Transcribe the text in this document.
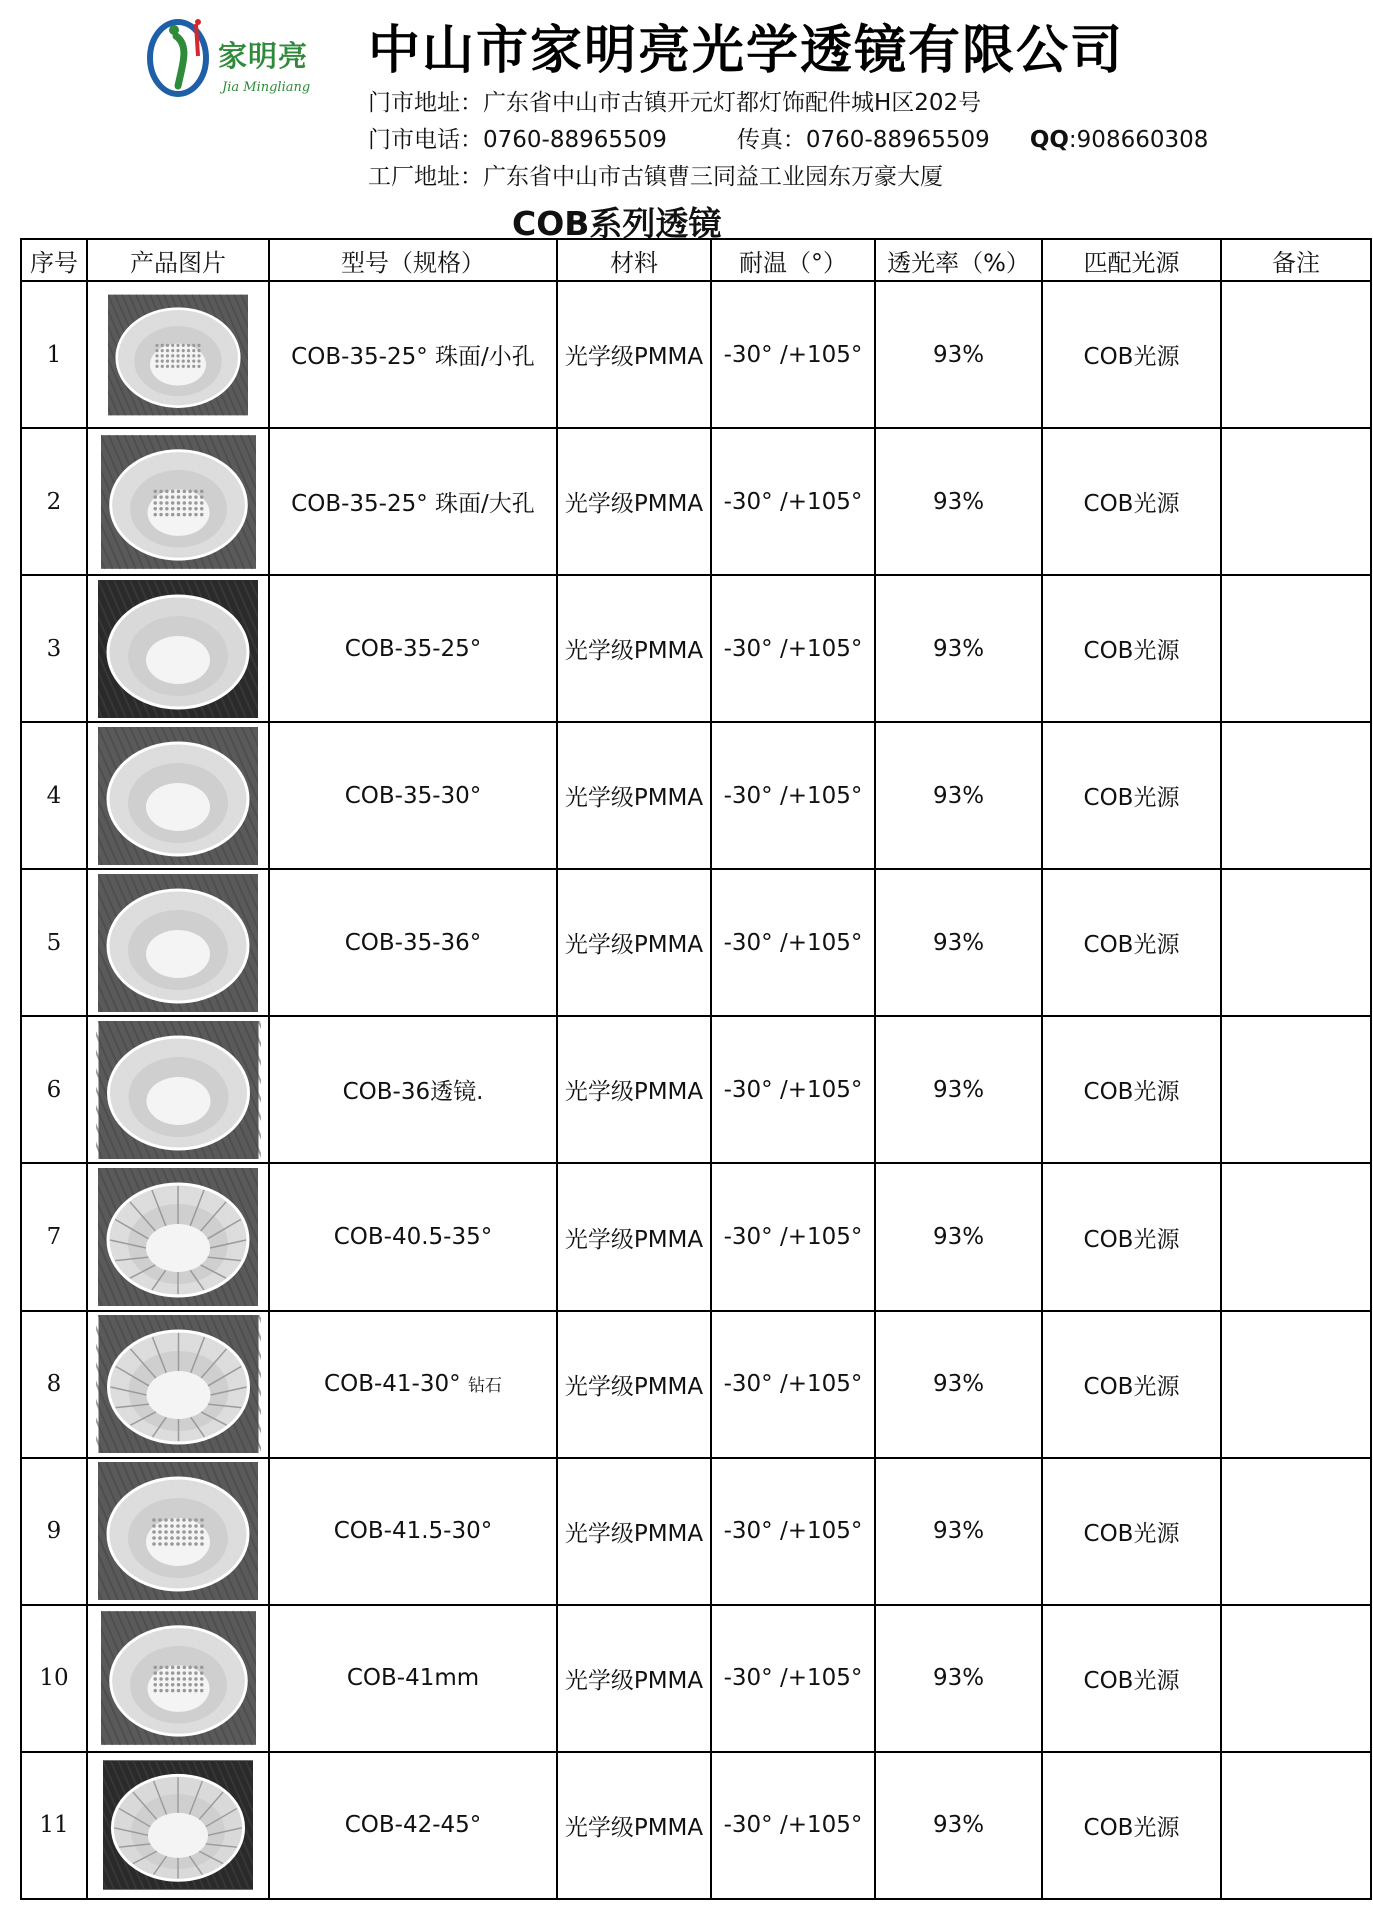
家明亮
Jia Mingliang
中山市家明亮光学透镜有限公司
门市地址：广东省中山市古镇开元灯都灯饰配件城H区202号
门市电话：0760-88965509	传真：0760-88965509 QQ:908660308
工厂地址：广东省中山市古镇曹三同益工业园东万豪大厦
COB系列透镜
序号	产品图片	型号（规格）	材料	耐温（°）	透光率（%）	匹配光源	备注
1		COB-35-25° 珠面/小孔	光学级PMMA	-30° /+105°	93%	COB光源	
2		COB-35-25° 珠面/大孔	光学级PMMA	-30° /+105°	93%	COB光源	
3		COB-35-25°	光学级PMMA	-30° /+105°	93%	COB光源	
4		COB-35-30°	光学级PMMA	-30° /+105°	93%	COB光源	
5		COB-35-36°	光学级PMMA	-30° /+105°	93%	COB光源	
6		COB-36透镜.	光学级PMMA	-30° /+105°	93%	COB光源	
7		COB-40.5-35°	光学级PMMA	-30° /+105°	93%	COB光源	
8		COB-41-30° 钻石	光学级PMMA	-30° /+105°	93%	COB光源	
9		COB-41.5-30°	光学级PMMA	-30° /+105°	93%	COB光源	
10		COB-41mm	光学级PMMA	-30° /+105°	93%	COB光源	
11		COB-42-45°	光学级PMMA	-30° /+105°	93%	COB光源	
